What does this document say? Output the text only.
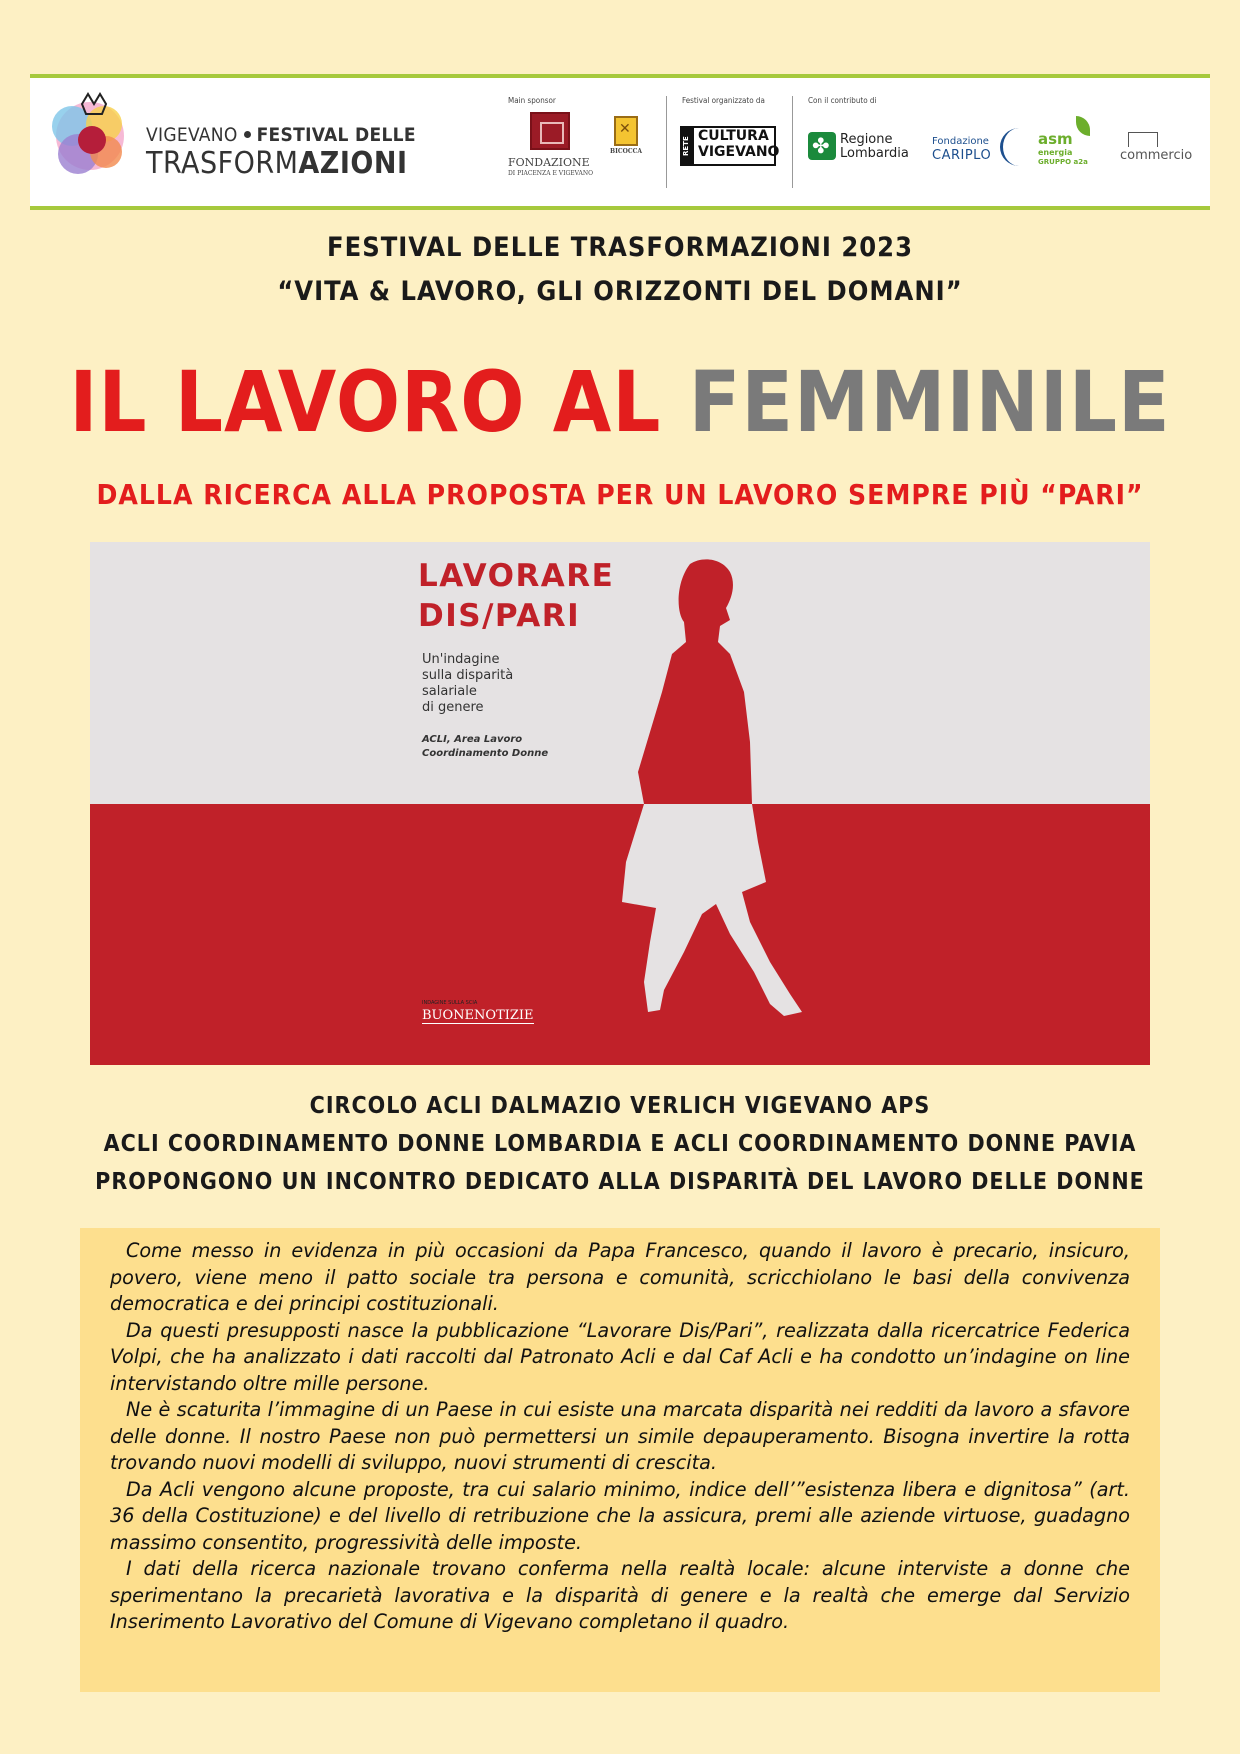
VIGEVANO FESTIVAL DELLE
TRASFORMAZIONI
Main sponsor
FONDAZIONE
DI PIACENZA E VIGEVANO
✕
BICOCCA
Festival organizzato da
RETE
CULTURA
VIGEVANO
Con il contributo di
✤
Regione
Lombardia
Fondazione
CARIPLO
asm
energia
GRUPPO a2a commercio
FESTIVAL DELLE TRASFORMAZIONI 2023
“VITA & LAVORO, GLI ORIZZONTI DEL DOMANI”
IL LAVORO AL FEMMINILE
DALLA RICERCA ALLA PROPOSTA PER UN LAVORO SEMPRE PIÙ “PARI”
LAVORARE
DIS/PARI
Un'indagine
sulla disparità
salariale
di genere
ACLI, Area Lavoro
Coordinamento Donne
INDAGINE SULLA SCIA
BUONENOTIZIE
CIRCOLO ACLI DALMAZIO VERLICH VIGEVANO APS
ACLI COORDINAMENTO DONNE LOMBARDIA E ACLI COORDINAMENTO DONNE PAVIA
PROPONGONO UN INCONTRO DEDICATO ALLA DISPARITÀ DEL LAVORO DELLE DONNE

Come messo in evidenza in più occasioni da Papa Francesco, quando il lavoro è precario, insicuro, povero, viene meno il patto sociale tra persona e comunità, scricchiolano le basi della convivenza democratica e dei principi costituzionali.

Da questi presupposti nasce la pubblicazione “Lavorare Dis/Pari”, realizzata dalla ricercatrice Federica Volpi, che ha analizzato i dati raccolti dal Patronato Acli e dal Caf Acli e ha condotto un’indagine on line intervistando oltre mille persone.

Ne è scaturita l’immagine di un Paese in cui esiste una marcata disparità nei redditi da lavoro a sfavore delle donne. Il nostro Paese non può permettersi un simile depauperamento. Bisogna invertire la rotta trovando nuovi modelli di sviluppo, nuovi strumenti di crescita.

Da Acli vengono alcune proposte, tra cui salario minimo, indice dell’”esistenza libera e dignitosa” (art. 36 della Costituzione) e del livello di retribuzione che la assicura, premi alle aziende virtuose, guadagno massimo consentito, progressività delle imposte.

I dati della ricerca nazionale trovano conferma nella realtà locale: alcune interviste a donne che sperimentano la precarietà lavorativa e la disparità di genere e la realtà che emerge dal Servizio Inserimento Lavorativo del Comune di Vigevano completano il quadro.
